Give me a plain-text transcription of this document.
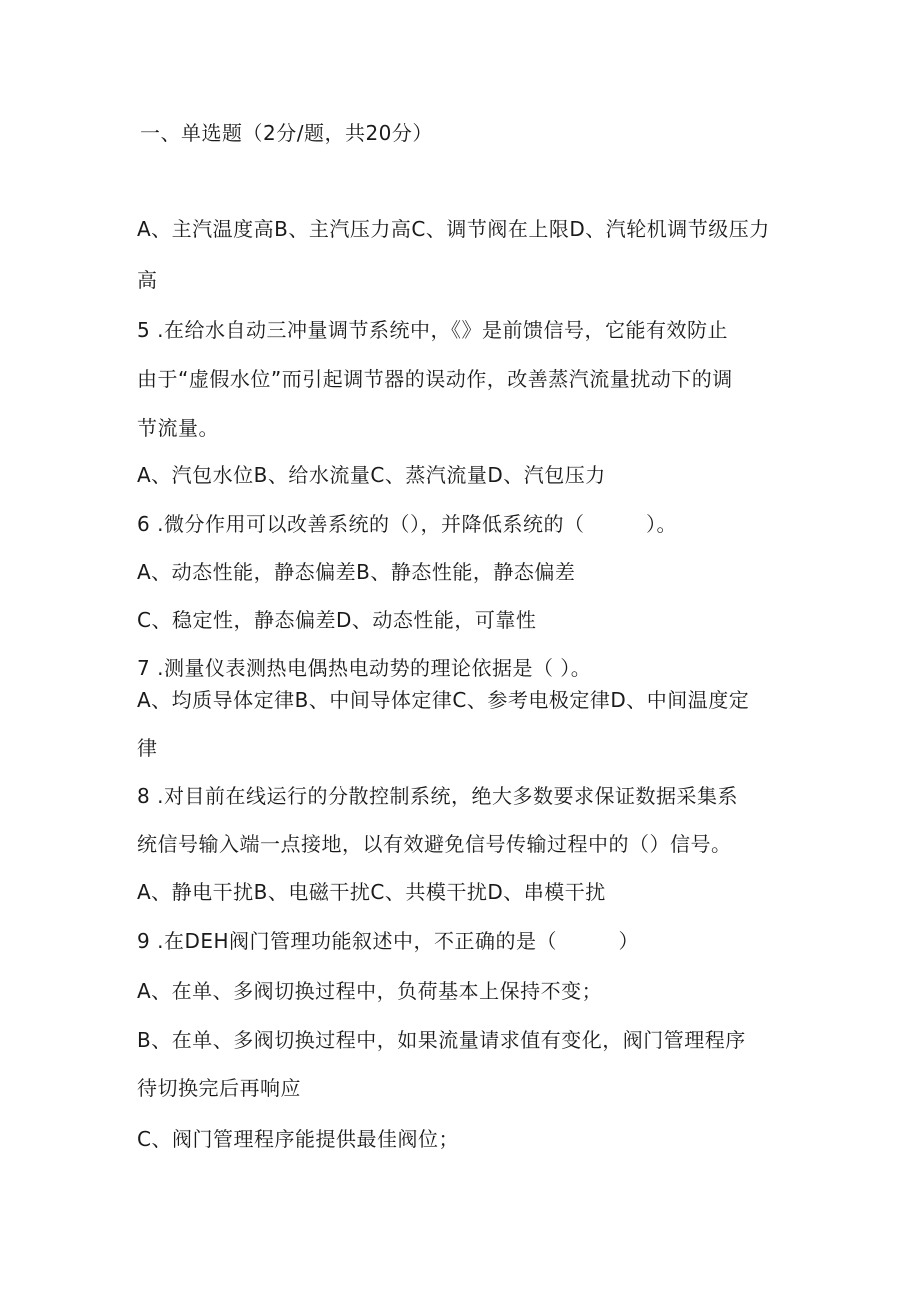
一、单选题（2分/题，共20分）
A、主汽温度高B、主汽压力高C、调节阀在上限D、汽轮机调节级压力
高
5 .在给水自动三冲量调节系统中，《》是前馈信号，它能有效防止
由于“虚假水位”而引起调节器的误动作，改善蒸汽流量扰动下的调
节流量。
A、汽包水位B、给水流量C、蒸汽流量D、汽包压力
6 .微分作用可以改善系统的（），并降低系统的（　　　）。
A、动态性能，静态偏差B、静态性能，静态偏差
C、稳定性，静态偏差D、动态性能，可靠性
7 .测量仪表测热电偶热电动势的理论依据是（ ）。
A、均质导体定律B、中间导体定律C、参考电极定律D、中间温度定
律
8 .对目前在线运行的分散控制系统，绝大多数要求保证数据采集系
统信号输入端一点接地，以有效避免信号传输过程中的（）信号。
A、静电干扰B、电磁干扰C、共模干扰D、串模干扰
9 .在DEH阀门管理功能叙述中，不正确的是（　　　）
A、在单、多阀切换过程中，负荷基本上保持不变；
B、在单、多阀切换过程中，如果流量请求值有变化，阀门管理程序
待切换完后再响应
C、阀门管理程序能提供最佳阀位；
